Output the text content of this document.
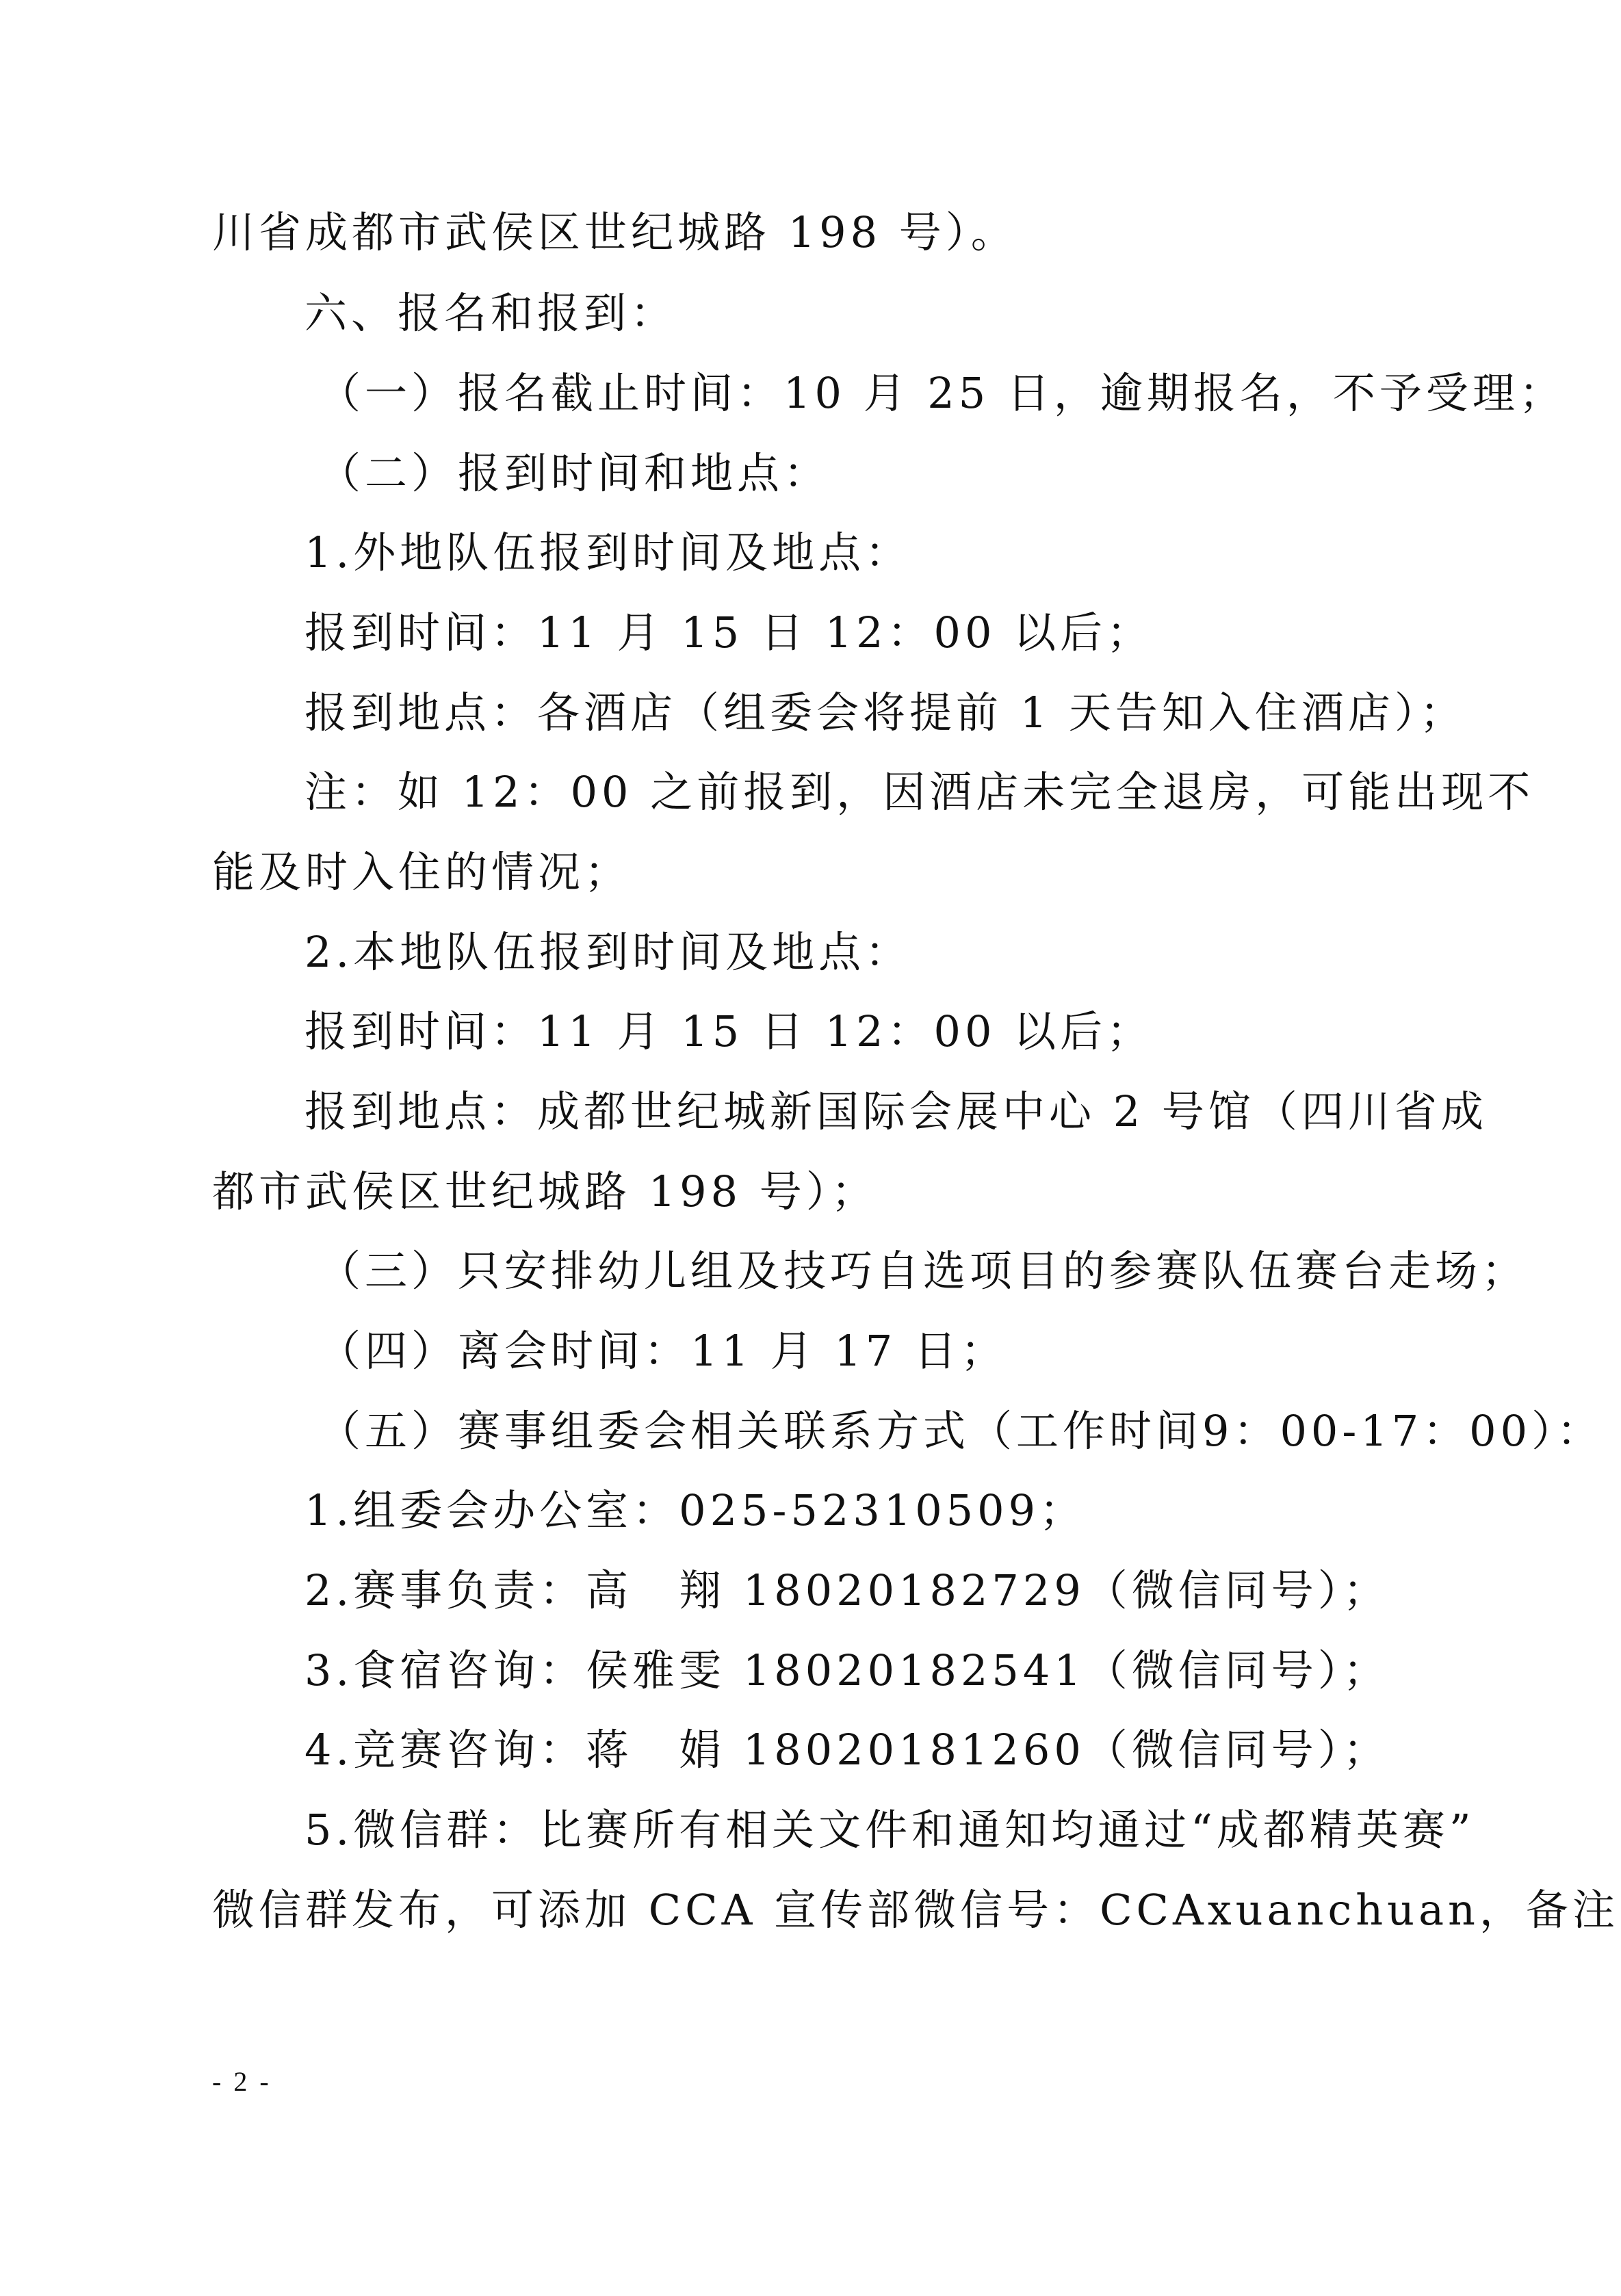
川省成都市武侯区世纪城路 198 号）。
六、报名和报到：
（一）报名截止时间：10 月 25 日，逾期报名，不予受理；
（二）报到时间和地点：
1.外地队伍报到时间及地点：
报到时间：11 月 15 日 12：00 以后；
报到地点：各酒店（组委会将提前 1 天告知入住酒店）；
注：如 12：00 之前报到，因酒店未完全退房，可能出现不
能及时入住的情况；
2.本地队伍报到时间及地点：
报到时间：11 月 15 日 12：00 以后；
报到地点：成都世纪城新国际会展中心 2 号馆（四川省成
都市武侯区世纪城路 198 号）；
（三）只安排幼儿组及技巧自选项目的参赛队伍赛台走场；
（四）离会时间：11 月 17 日；
（五）赛事组委会相关联系方式（工作时间9：00-17：00）：
1.组委会办公室：025-52310509；
2.赛事负责：高　翔 18020182729（微信同号）；
3.食宿咨询：侯雅雯 18020182541（微信同号）；
4.竞赛咨询：蒋　娟 18020181260（微信同号）；
5.微信群：比赛所有相关文件和通知均通过“成都精英赛”
微信群发布，可添加 CCA 宣传部微信号：CCAxuanchuan，备注
- 2 -
